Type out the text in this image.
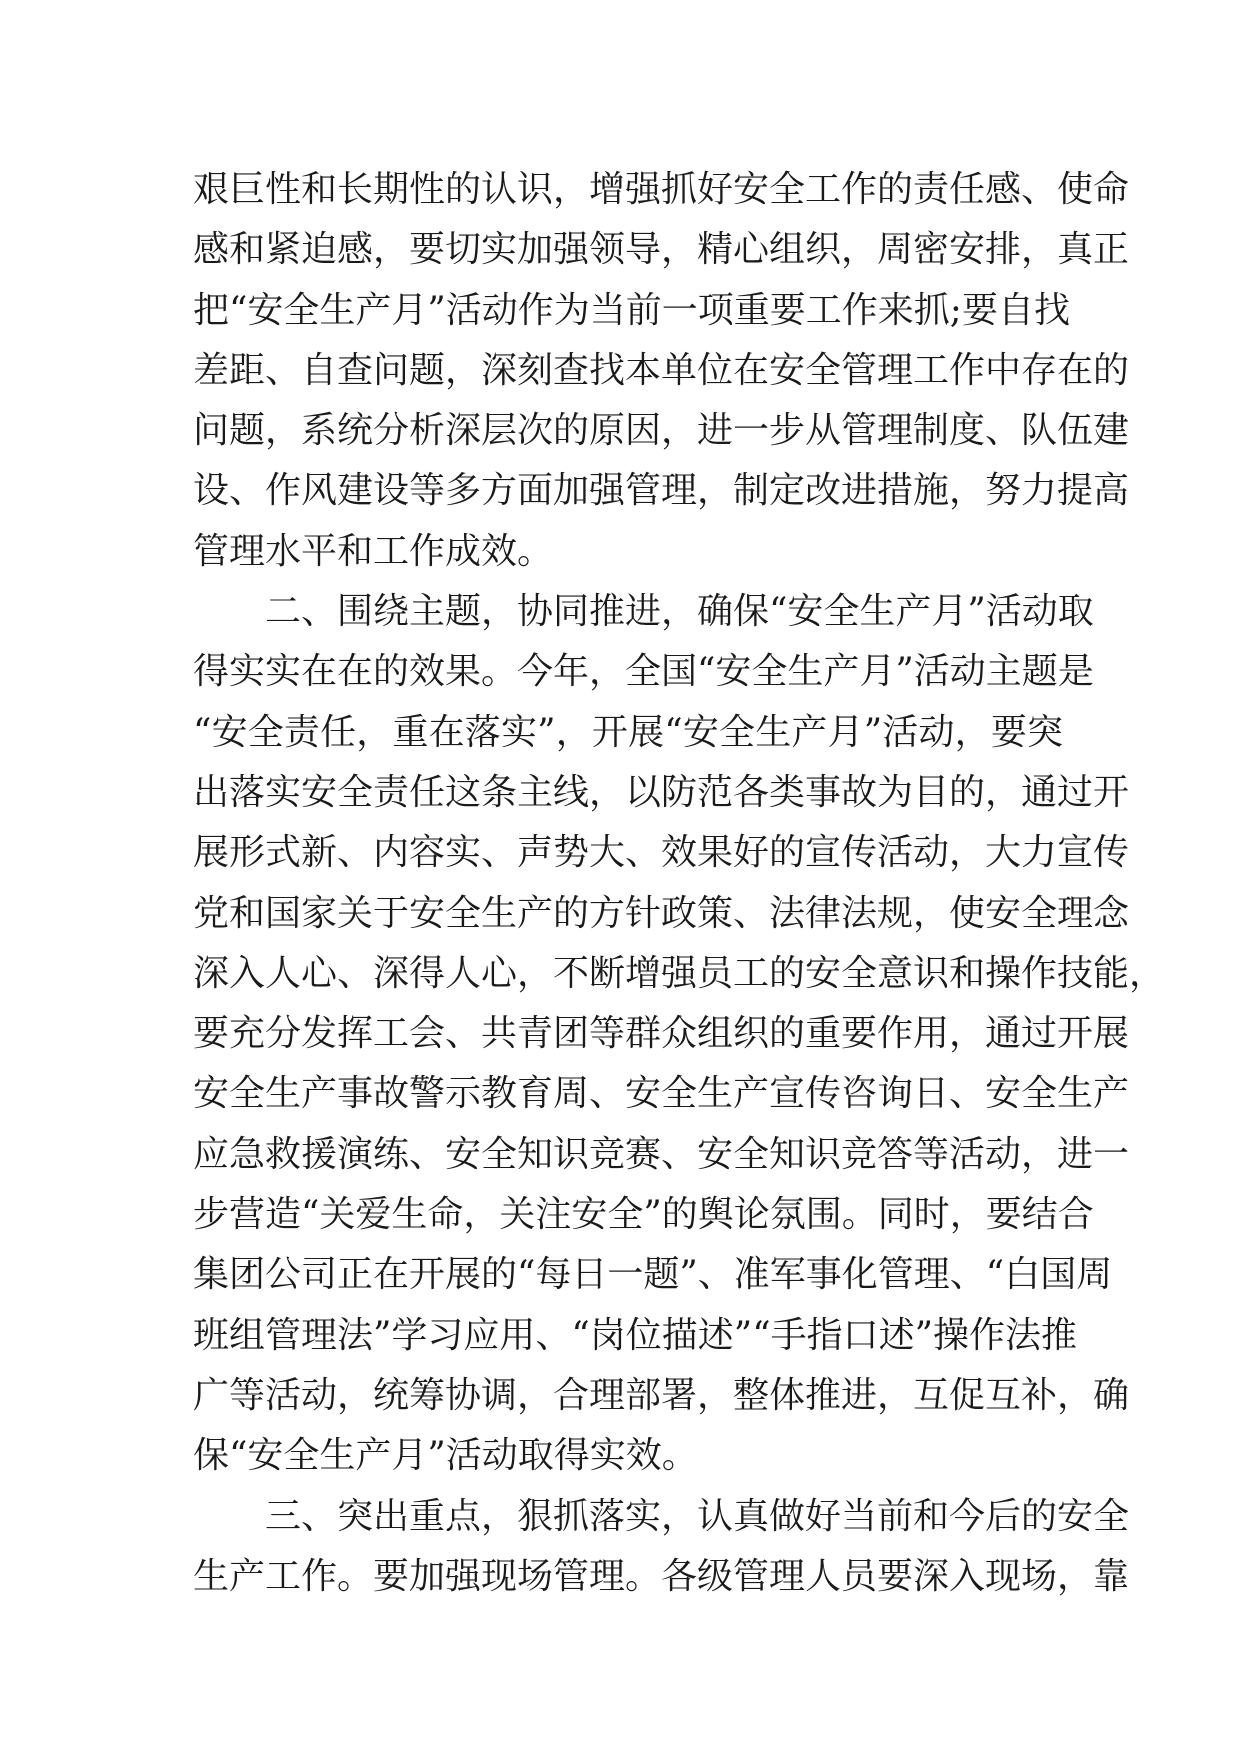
艰巨性和长期性的认识，增强抓好安全工作的责任感、使命
感和紧迫感，要切实加强领导，精心组织，周密安排，真正
把“安全生产月”活动作为当前一项重要工作来抓;要自找
差距、自查问题，深刻查找本单位在安全管理工作中存在的
问题，系统分析深层次的原因，进一步从管理制度、队伍建
设、作风建设等多方面加强管理，制定改进措施，努力提高
管理水平和工作成效。
二、围绕主题，协同推进，确保“安全生产月”活动取
得实实在在的效果。今年，全国“安全生产月”活动主题是
“安全责任，重在落实”，开展“安全生产月”活动，要突
出落实安全责任这条主线，以防范各类事故为目的，通过开
展形式新、内容实、声势大、效果好的宣传活动，大力宣传
党和国家关于安全生产的方针政策、法律法规，使安全理念
深入人心、深得人心，不断增强员工的安全意识和操作技能，
要充分发挥工会、共青团等群众组织的重要作用，通过开展
安全生产事故警示教育周、安全生产宣传咨询日、安全生产
应急救援演练、安全知识竞赛、安全知识竞答等活动，进一
步营造“关爱生命，关注安全”的舆论氛围。同时，要结合
集团公司正在开展的“每日一题”、准军事化管理、“白国周
班组管理法”学习应用、“岗位描述”“手指口述”操作法推
广等活动，统筹协调，合理部署，整体推进，互促互补，确
保“安全生产月”活动取得实效。
三、突出重点，狠抓落实，认真做好当前和今后的安全
生产工作。要加强现场管理。各级管理人员要深入现场，靠
